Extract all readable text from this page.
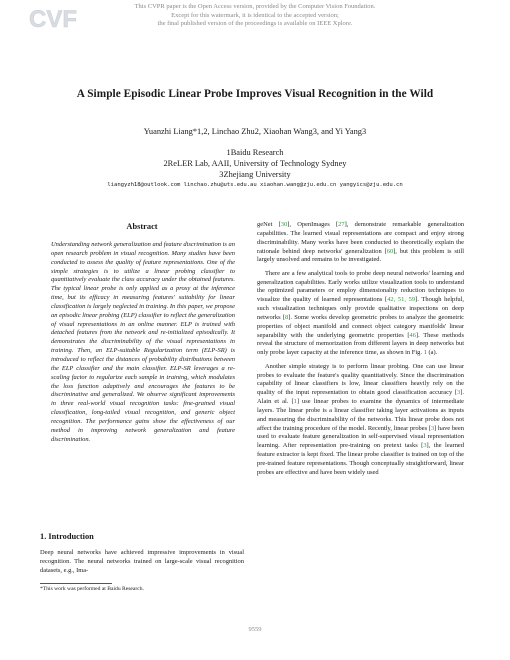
CVF	This CVPR paper is the Open Access version, provided by the Computer Vision Foundation.
Except for this watermark, it is identical to the accepted version;
the final published version of the proceedings is available on IEEE Xplore.
A Simple Episodic Linear Probe Improves Visual Recognition in the Wild
Yuanzhi Liang*1,2, Linchao Zhu2, Xiaohan Wang3, and Yi Yang3
1Baidu Research
2ReLER Lab, AAII, University of Technology Sydney
3Zhejiang University
liangyzh18@outlook.com linchao.zhu@uts.edu.au xiaohan.wang@zju.edu.cn yangyics@zju.edu.cn
Abstract
Understanding network generalization and feature discrimination is an open research problem in visual recognition. Many studies have been conducted to assess the quality of feature representations. One of the simple strategies is to utilize a linear probing classifier to quantitatively evaluate the class accuracy under the obtained features. The typical linear probe is only applied as a proxy at the inference time, but its efficacy in measuring features' suitability for linear classification is largely neglected in training. In this paper, we propose an episodic linear probing (ELP) classifier to reflect the generalization of visual representations in an online manner. ELP is trained with detached features from the network and re-initialized episodically. It demonstrates the discriminability of the visual representations in training. Then, an ELP-suitable Regularization term (ELP-SR) is introduced to reflect the distances of probability distributions between the ELP classifier and the main classifier. ELP-SR leverages a re-scaling factor to regularize each sample in training, which modulates the loss function adaptively and encourages the features to be discriminative and generalized. We observe significant improvements in three real-world visual recognition tasks: fine-grained visual classification, long-tailed visual recognition, and generic object recognition. The performance gains show the effectiveness of our method in improving network generalization and feature discrimination.
1. Introduction
Deep neural networks have achieved impressive improvements in visual recognition. The neural networks trained on large-scale visual recognition datasets, e.g., Ima-
*This work was performed at Baidu Research.

geNet [30], OpenImages [27], demonstrate remarkable generalization capabilities. The learned visual representations are compact and enjoy strong discriminability. Many works have been conducted to theoretically explain the rationale behind deep networks' generalization [60], but this problem is still largely unsolved and remains to be investigated.

There are a few analytical tools to probe deep neural networks' learning and generalization capabilities. Early works utilize visualization tools to understand the optimized parameters or employ dimensionality reduction techniques to visualize the quality of learned representations [42, 51, 59]. Though helpful, such visualization techniques only provide qualitative inspections on deep networks [8]. Some works develop geometric probes to analyze the geometric properties of object manifold and connect object category manifolds' linear separability with the underlying geometric properties [46]. These methods reveal the structure of memorization from different layers in deep networks but only probe layer capacity at the inference time, as shown in Fig. 1 (a).

Another simple strategy is to perform linear probing. One can use linear probes to evaluate the feature's quality quantitatively. Since the discrimination capability of linear classifiers is low, linear classifiers heavily rely on the quality of the input representation to obtain good classification accuracy [3]. Alain et al. [1] use linear probes to examine the dynamics of intermediate layers. The linear probe is a linear classifier taking layer activations as inputs and measuring the discriminability of the networks. This linear probe does not affect the training procedure of the model. Recently, linear probes [3] have been used to evaluate feature generalization in self-supervised visual representation learning. After representation pre-training on pretext tasks [3], the learned feature extractor is kept fixed. The linear probe classifier is trained on top of the pre-trained feature representations. Though conceptually straightforward, linear probes are effective and have been widely used

9559
